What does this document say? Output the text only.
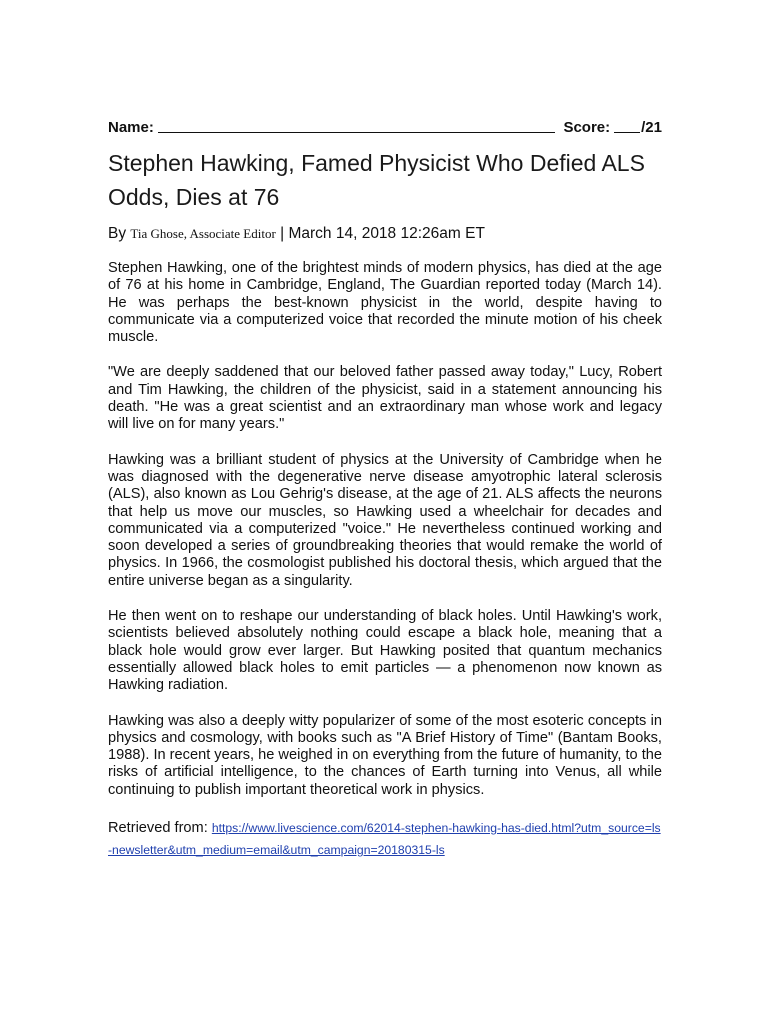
Name:	Score: /21
Stephen Hawking, Famed Physicist Who Defied ALS Odds, Dies at 76
By Tia Ghose, Associate Editor | March 14, 2018 12:26am ET

Stephen Hawking, one of the brightest minds of modern physics, has died at the age of 76 at his home in Cambridge, England, The Guardian reported today (March 14). He was perhaps the best-known physicist in the world, despite having to communicate via a computerized voice that recorded the minute motion of his cheek muscle.

"We are deeply saddened that our beloved father passed away today," Lucy, Robert and Tim Hawking, the children of the physicist, said in a statement announcing his death. "He was a great scientist and an extraordinary man whose work and legacy will live on for many years."

Hawking was a brilliant student of physics at the University of Cambridge when he was diagnosed with the degenerative nerve disease amyotrophic lateral sclerosis (ALS), also known as Lou Gehrig's disease, at the age of 21. ALS affects the neurons that help us move our muscles, so Hawking used a wheelchair for decades and communicated via a computerized "voice." He nevertheless continued working and soon developed a series of groundbreaking theories that would remake the world of physics. In 1966, the cosmologist published his doctoral thesis, which argued that the entire universe began as a singularity.

He then went on to reshape our understanding of black holes. Until Hawking's work, scientists believed absolutely nothing could escape a black hole, meaning that a black hole would grow ever larger. But Hawking posited that quantum mechanics essentially allowed black holes to emit particles — a phenomenon now known as Hawking radiation.

Hawking was also a deeply witty popularizer of some of the most esoteric concepts in physics and cosmology, with books such as "A Brief History of Time" (Bantam Books, 1988). In recent years, he weighed in on everything from the future of humanity, to the risks of artificial intelligence, to the chances of Earth turning into Venus, all while continuing to publish important theoretical work in physics.

Retrieved from: https://www.livescience.com/62014-stephen-hawking-has-died.html?utm_source=ls-newsletter&utm_medium=email&utm_campaign=20180315-ls
